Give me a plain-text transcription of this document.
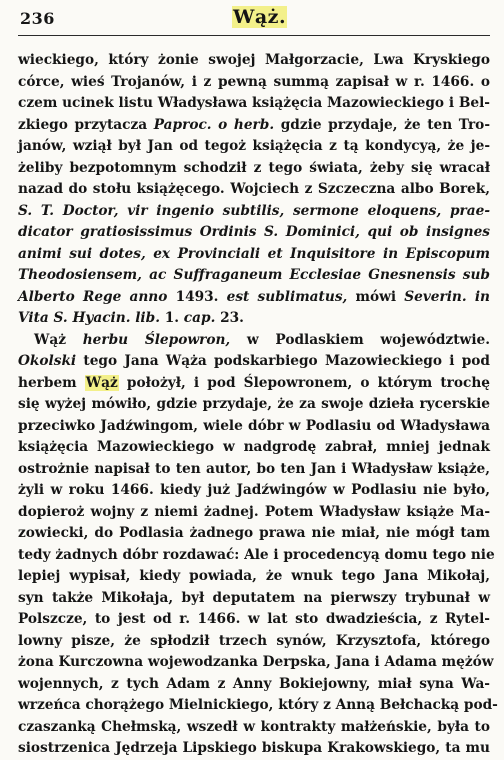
236	Wąż.
wieckiego, który żonie swojej Małgorzacie, Lwa Kryskiego
córce, wieś Trojanów, i z pewną summą zapisał w r. 1466. o
czem ucinek listu Władysława książęcia Mazowieckiego i Bel-
zkiego przytacza Paproc. o herb. gdzie przydaje, że ten Tro-
janów, wziął był Jan od tegoż książęcia z tą kondycyą, że je-
żeliby bezpotomnym schodził z tego świata, żeby się wracał
nazad do stołu książęcego. Wojciech z Szczeczna albo Borek,
S. T. Doctor, vir ingenio subtilis, sermone eloquens, prae-
dicator gratiosissimus Ordinis S. Dominici, qui ob insignes
animi sui dotes, ex Provinciali et Inquisitore in Episcopum
Theodosiensem, ac Suffraganeum Ecclesiae Gnesnensis sub
Alberto Rege anno 1493. est sublimatus, mówi Severin. in
Vita S. Hyacin. lib. 1. cap. 23.
Wąż herbu Ślepowron, w Podlaskiem województwie.
Okolski tego Jana Wąża podskarbiego Mazowieckiego i pod
herbem Wąż położył, i pod Ślepowronem, o którym trochę
się wyżej mówiło, gdzie przydaje, że za swoje dzieła rycerskie
przeciwko Jadźwingom, wiele dóbr w Podlasiu od Władysława
książęcia Mazowieckiego w nadgrodę zabrał, mniej jednak
ostrożnie napisał to ten autor, bo ten Jan i Władysław książe,
żyli w roku 1466. kiedy już Jadźwingów w Podlasiu nie było,
dopieroż wojny z niemi żadnej. Potem Władysław książe Ma-
zowiecki, do Podlasia żadnego prawa nie miał, nie mógł tam
tedy żadnych dóbr rozdawać: Ale i procedencyą domu tego nie
lepiej wypisał, kiedy powiada, że wnuk tego Jana Mikołaj,
syn także Mikołaja, był deputatem na pierwszy trybunał w
Polszcze, to jest od r. 1466. w lat sto dwadzieścia, z Rytel-
lowny pisze, że spłodził trzech synów, Krzysztofa, którego
żona Kurczowna wojewodzanka Derpska, Jana i Adama mężów
wojennych, z tych Adam z Anny Bokiejowny, miał syna Wa-
wrzeńca chorążego Mielnickiego, który z Anną Bełchacką pod-
czaszanką Chełmską, wszedł w kontrakty małżeńskie, była to
siostrzenica Jędrzeja Lipskiego biskupa Krakowskiego, ta mu
